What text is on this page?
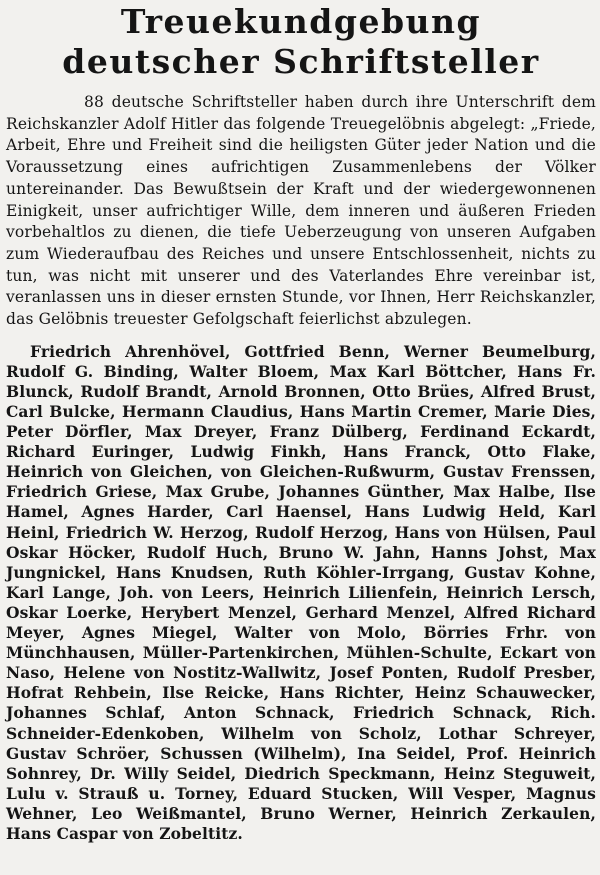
Treuekundgebung
deutscher Schriftsteller

88 deutsche Schriftsteller haben durch ihre Unterschrift dem Reichskanzler Adolf Hitler das folgende Treuegelöbnis abgelegt: „Friede, Arbeit, Ehre und Freiheit sind die heiligsten Güter jeder Nation und die Voraussetzung eines aufrichtigen Zusammenlebens der Völker untereinander. Das Bewußtsein der Kraft und der wiedergewonnenen Einigkeit, unser aufrichtiger Wille, dem inneren und äußeren Frieden vorbehaltlos zu dienen, die tiefe Ueberzeugung von unseren Aufgaben zum Wiederaufbau des Reiches und unsere Entschlossenheit, nichts zu tun, was nicht mit unserer und des Vaterlandes Ehre vereinbar ist, veranlassen uns in dieser ernsten Stunde, vor Ihnen, Herr Reichskanzler, das Gelöbnis treuester Gefolgschaft feierlichst abzulegen.

Friedrich Ahrenhövel, Gottfried Benn, Werner Beumelburg, Rudolf G. Binding, Walter Bloem, Max Karl Böttcher, Hans Fr. Blunck, Rudolf Brandt, Arnold Bronnen, Otto Brües, Alfred Brust, Carl Bulcke, Hermann Claudius, Hans Martin Cremer, Marie Dies, Peter Dörfler, Max Dreyer, Franz Dülberg, Ferdinand Eckardt, Richard Euringer, Ludwig Finkh, Hans Franck, Otto Flake, Heinrich von Gleichen, von Gleichen-Rußwurm, Gustav Frenssen, Friedrich Griese, Max Grube, Johannes Günther, Max Halbe, Ilse Hamel, Agnes Harder, Carl Haensel, Hans Ludwig Held, Karl Heinl, Friedrich W. Herzog, Rudolf Herzog, Hans von Hülsen, Paul Oskar Höcker, Rudolf Huch, Bruno W. Jahn, Hanns Johst, Max Jungnickel, Hans Knudsen, Ruth Köhler-Irrgang, Gustav Kohne, Karl Lange, Joh. von Leers, Heinrich Lilienfein, Heinrich Lersch, Oskar Loerke, Herybert Menzel, Gerhard Menzel, Alfred Richard Meyer, Agnes Miegel, Walter von Molo, Börries Frhr. von Münchhausen, Müller-Partenkirchen, Mühlen-Schulte, Eckart von Naso, Helene von Nostitz-Wallwitz, Josef Ponten, Rudolf Presber, Hofrat Rehbein, Ilse Reicke, Hans Richter, Heinz Schauwecker, Johannes Schlaf, Anton Schnack, Friedrich Schnack, Rich. Schneider-Edenkoben, Wilhelm von Scholz, Lothar Schreyer, Gustav Schröer, Schussen (Wilhelm), Ina Seidel, Prof. Heinrich Sohnrey, Dr. Willy Seidel, Diedrich Speckmann, Heinz Steguweit, Lulu v. Strauß u. Torney, Eduard Stucken, Will Vesper, Magnus Wehner, Leo Weißmantel, Bruno Werner, Heinrich Zerkaulen, Hans Caspar von Zobeltitz.
